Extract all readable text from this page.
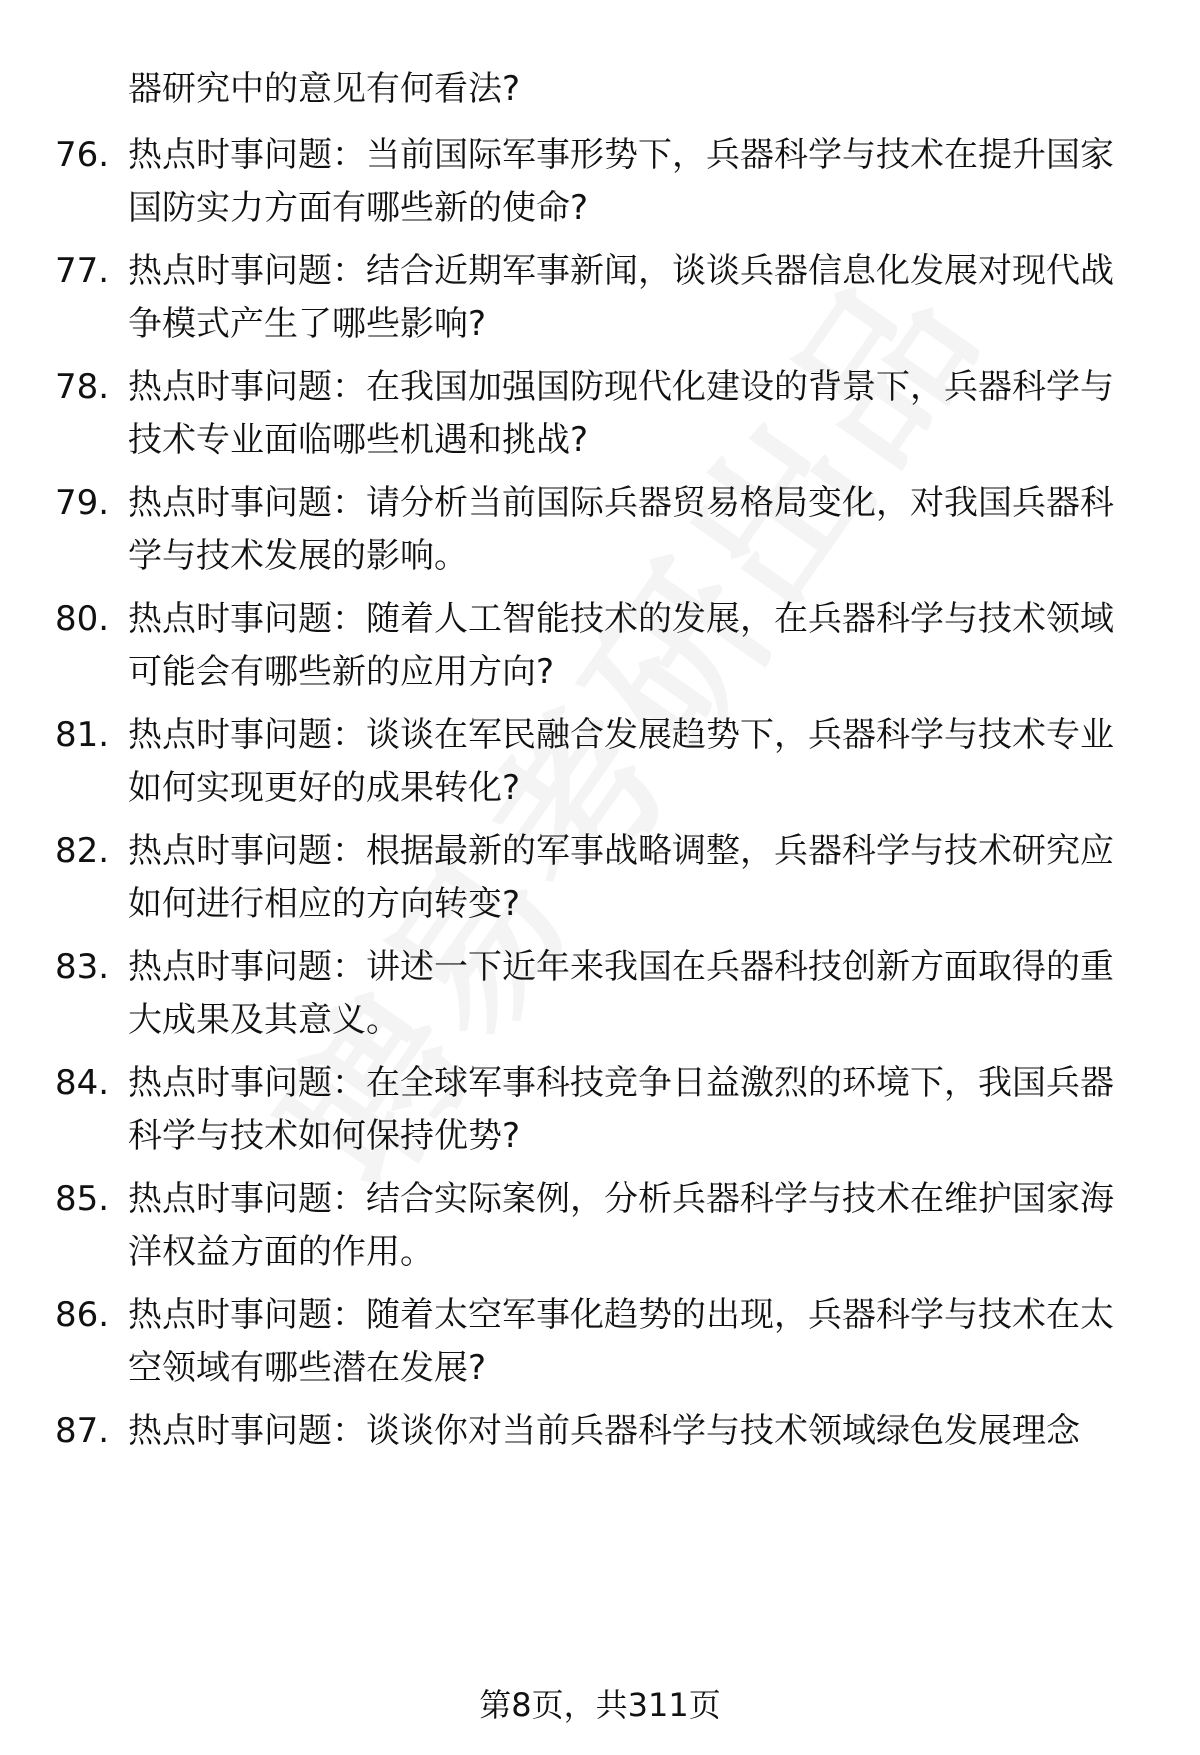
器研究中的意见有何看法?
76. 热点时事问题：当前国际军事形势下，兵器科学与技术在提升国家国防实力方面有哪些新的使命?
77. 热点时事问题：结合近期军事新闻，谈谈兵器信息化发展对现代战争模式产生了哪些影响?
78. 热点时事问题：在我国加强国防现代化建设的背景下，兵器科学与技术专业面临哪些机遇和挑战?
79. 热点时事问题：请分析当前国际兵器贸易格局变化，对我国兵器科学与技术发展的影响。
80. 热点时事问题：随着人工智能技术的发展，在兵器科学与技术领域可能会有哪些新的应用方向?
81. 热点时事问题：谈谈在军民融合发展趋势下，兵器科学与技术专业如何实现更好的成果转化?
82. 热点时事问题：根据最新的军事战略调整，兵器科学与技术研究应如何进行相应的方向转变?
83. 热点时事问题：讲述一下近年来我国在兵器科技创新方面取得的重大成果及其意义。
84. 热点时事问题：在全球军事科技竞争日益激烈的环境下，我国兵器科学与技术如何保持优势?
85. 热点时事问题：结合实际案例，分析兵器科学与技术在维护国家海洋权益方面的作用。
86. 热点时事问题：随着太空军事化趋势的出现，兵器科学与技术在太空领域有哪些潜在发展?
87. 热点时事问题：谈谈你对当前兵器科学与技术领域绿色发展理念
第8页，共311页
